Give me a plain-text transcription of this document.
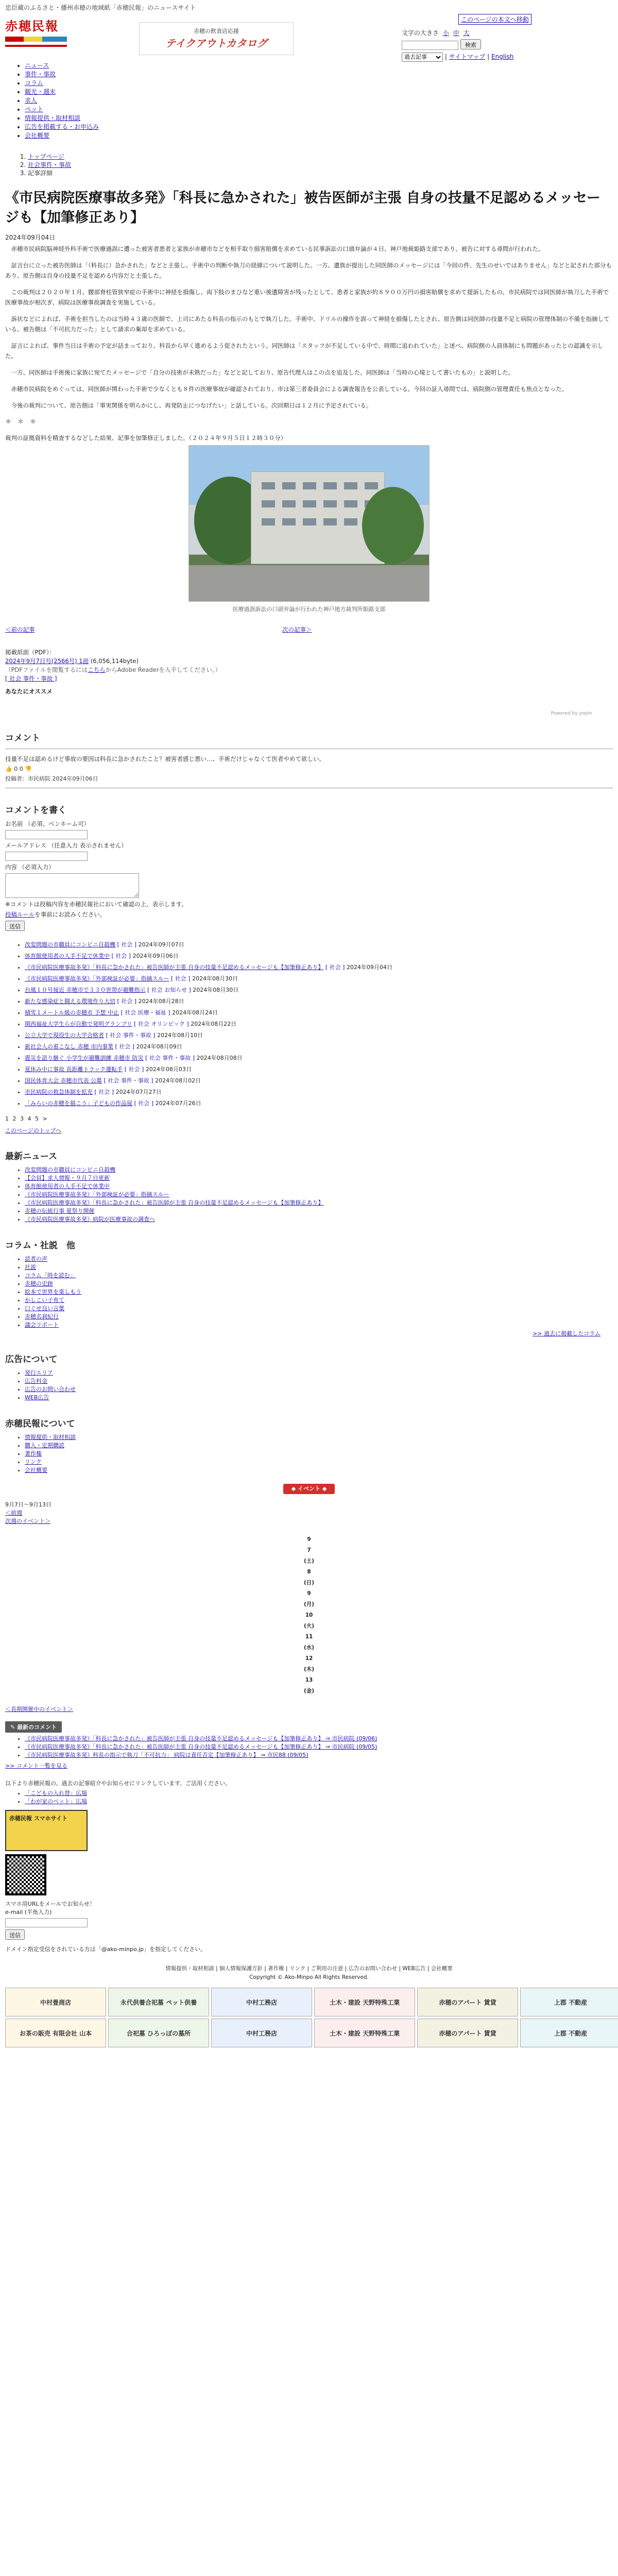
忠臣蔵のふるさと・播州赤穂の地域紙「赤穂民報」のニュースサイト
赤穂民報	赤穂の飲食店応援
テイクアウトカタログ
このページの本文へ移動
文字の大きさ 小 中 大
検索
過去記事 | サイトマップ | English
• ニュース
• 事件・事故
• コラム
• 観光・週末
• 求人
• ペット
• 情報提供・取材相談
• 広告を掲載する・お申込み
• 会社概要
1. トップページ
2. 社会事件・事故
3. 記事詳細
《市民病院医療事故多発》「科長に急かされた」被告医師が主張 自身の技量不足認めるメッセージも【加筆修正あり】
2024年09月04日

赤穂市民病院脳神経外科手術で医療過誤に遭った被害者患者と家族が赤穂市などを相手取り損害賠償を求めている民事訴訟の口頭弁論が４日、神戸地裁姫路支部であり、被告に対する尋問が行われた。

証言台に立った被告医師は「（科長に）急かされた」などと主張し、手術中の判断や執刀の経緯について説明した。一方、遺族が提出した同医師のメッセージには「今回の件、先生のせいではありません」などと記された部分もあり、原告側は自身の技量不足を認める内容だと主張した。

この裁判は２０２０年１月、腰部脊柱管狭窄症の手術中に神経を損傷し、両下肢のまひなど重い後遺障害が残ったとして、患者と家族が約８９００万円の損害賠償を求めて提訴したもの。市民病院では同医師が執刀した手術で医療事故が相次ぎ、病院は医療事故調査を実施している。

訴状などによれば、手術を担当したのは当時４３歳の医師で、上司にあたる科長の指示のもとで執刀した。手術中、ドリルの操作を誤って神経を損傷したとされ、原告側は同医師の技量不足と病院の管理体制の不備を指摘している。被告側は「不可抗力だった」として請求の棄却を求めている。

証言によれば、事件当日は手術の予定が詰まっており、科長から早く進めるよう促されたという。同医師は「スタッフが不足している中で、時間に追われていた」と述べ、病院側の人員体制にも問題があったとの認識を示した。

一方、同医師は手術後に家族に宛てたメッセージで「自分の技術が未熟だった」などと記しており、原告代理人はこの点を追及した。同医師は「当時の心境として書いたもの」と説明した。

赤穂市民病院をめぐっては、同医師が関わった手術で少なくとも８件の医療事故が確認されており、市は第三者委員会による調査報告を公表している。今回の証人尋問では、病院側の管理責任も焦点となった。

今後の裁判について、原告側は「事実関係を明らかにし、再発防止につなげたい」と話している。次回期日は１２月に予定されている。

＊＊＊
裁判の証拠資料を精査するなどした結果、記事を加筆修正しました。（２０２４年９月５日１２時３０分）
医療過誤訴訟の口頭弁論が行われた神戸地方裁判所姫路支部
＜前の記事	次の記事＞
掲載紙面（PDF）：
2024年9月7日号(2566号) 1面 (6,056,114byte)
（PDFファイルを閲覧するにはこちらからAdobe Readerを入手してください。）
[ 社会 事件・事故 ]
あなたにオススメ
Powered by popIn
コメント
技量不足は認めるけど事故の要因は科長に急かされたこと？被害者感じ悪い…、手術だけじゃなくて医者やめて欲しい。
👍 0 0 👎
投稿者：市民病院 2024年09月06日
コメントを書く
お名前 （必須、ペンネーム可）
メールアドレス （任意入力 表示されません）
内容 （必須入力）
※コメントは投稿内容を赤穂民報社において確認の上、表示します。
投稿ルールを事前にお読みください。
送信
• 改変問題の市職員にコンビニ自殺機 [ 社会 ] 2024年09月07日
• 体育館使用者の人手不足で休業中 [ 社会 ] 2024年09月06日
• 《市民病院医療事故多発》「科長に急かされた」被告医師が主張 自身の技量不足認めるメッセージも【加筆修正あり】 [ 社会 ] 2024年09月04日
• 《市民病院医療事故多発》「外部検証が必要」指摘スルー [ 社会 ] 2024年08月30日
• 台風１０号接近 赤穂市で３３０世帯が避難指示 [ 社会 お知らせ ] 2024年08月30日
• 新たな感染症と闘える環境作り大切 [ 社会 ] 2024年08月28日
• 積雪１メートル級の赤穂市 予想 中止 [ 社会 医療・福祉 ] 2024年08月24日
• 関西福祉大学生らが自動で発明グランプリ [ 社会 オリンピック ] 2024年08月22日
• 公立大学で現役生の大学合格者 [ 社会 事件・事故 ] 2024年08月10日
• 新社会人の着こなし 赤穂 市内事業 [ 社会 ] 2024年08月09日
• 震災を語り継ぐ 小学生が避難訓練 赤穂市 防災 [ 社会 事件・事故 ] 2024年08月08日
• 夏休み中に事故 長距離トラック運転手 [ 社会 ] 2024年08月03日
• 国民体育大会 赤穂市代表 公募 [ 社会 事件・事故 ] 2024年08月02日
• 市民病院の救急体制を拡充 [ 社会 ] 2024年07月27日
• 「みらいの赤穂を描こう」子どもの作品展 [ 社会 ] 2024年07月26日
1 2 3 4 5 >
このページのトップへ
最新ニュース
• 改変問題の市職員にコンビニ自殺機
• 【会員】求人情報・９月７日更新
• 体育館使用者の人手不足で休業中
• 《市民病院医療事故多発》「外部検証が必要」指摘スルー
• 《市民病院医療事故多発》「科長に急かされた」被告医師が主張 自身の技量不足認めるメッセージも【加筆修正あり】
• 赤穂の伝統行事 夏祭り開催
• 《市民病院医療事故多発》病院が医療事故の調査へ
コラム・社説　他
• 読者の声
• 社説
• コラム「時を読む」
• 赤穂の史跡
• 絵本で世界を楽しもう
• かしこい子育て
• 口ぐせ良い言葉
• 赤穂名刹紀行
• 議会リポート
>> 過去に掲載したコラム
広告について
• 発行エリア
• 広告料金
• 広告のお問い合わせ
• WEB広告
赤穂民報について
• 情報提供・取材相談
• 購入・定期購読
• 著作権
• リンク
• 会社概要
◆ イベント ◆
9月7日〜9月13日
＜前週
次週のイベント＞
9
7
(土)
8
(日)
9
(月)
10
(火)
11
(水)
12
(木)
13
(金)
＜長期開催中のイベント＞
✎ 最新のコメント
• 《市民病院医療事故多発》「科長に急かされた」被告医師が主張 自身の技量不足認めるメッセージも【加筆修正あり】 ⇒ 市民病院 (09/06)
• 《市民病院医療事故多発》「科長に急かされた」被告医師が主張 自身の技量不足認めるメッセージも【加筆修正あり】 ⇒ 市民病院 (09/05)
• 《市民病院医療事故多発》科長の指示で執刀「不可抗力」 病院は責任否定【加筆修正あり】 ⇒ 市民88 (09/05)
>> コメント一覧を見る
以下より赤穂民報の、過去の記事紹介やお知らせにリンクしています。ご活用ください。
• 「こどもの入れ替」広場
• 「わが家のペット」広場
赤穂民報 スマホサイト
スマホ用URLをメールでお知らせ！
e-mail (半角入力)
送信
ドメイン指定受信をされている方は「@ako-minpo.jp」を指定してください。
情報提供・取材相談 | 個人情報保護方針 | 著作権 | リンク | ご利用の注意 | 広告のお問い合わせ | WEB広告 | 会社概要
Copyright © Ako-Minpo All Rights Reserved.
中村畳商店	永代供養合祀墓 ペット供養	中村工務店	土木・建設 天野特殊工業	赤穂のアパート 賃貸	上郡 不動産
お茶の販売 有限会社 山本	合祀墓 ひろっぽの墓所	中村工務店	土木・建設 天野特殊工業	赤穂のアパート 賃貸	上郡 不動産
